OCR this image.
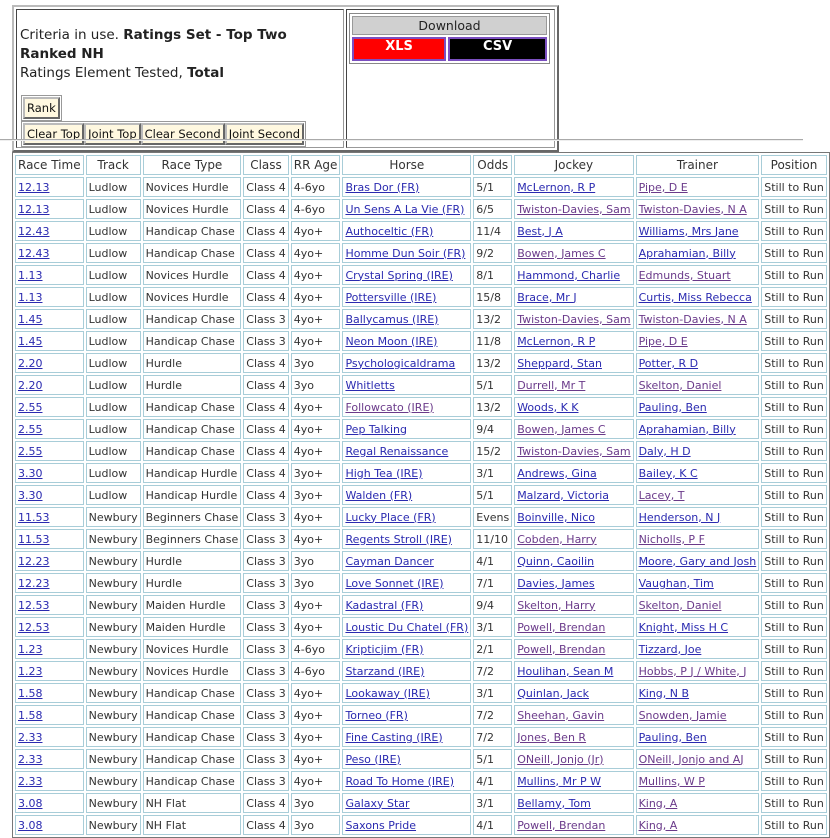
Criteria in use. Ratings Set - Top Two Ranked NH
Ratings Element Tested, Total
Rank
Clear Top Joint Top Clear Second Joint Second	
Download
XLS	CSV
Race Time	Track	Race Type	Class	RR Age	Horse	Odds	Jockey	Trainer	Position
12.13	Ludlow	Novices Hurdle	Class 4	4-6yo	Bras Dor (FR)	5/1	McLernon, R P	Pipe, D E	Still to Run
12.13	Ludlow	Novices Hurdle	Class 4	4-6yo	Un Sens A La Vie (FR)	6/5	Twiston-Davies, Sam	Twiston-Davies, N A	Still to Run
12.43	Ludlow	Handicap Chase	Class 4	4yo+	Authoceltic (FR)	11/4	Best, J A	Williams, Mrs Jane	Still to Run
12.43	Ludlow	Handicap Chase	Class 4	4yo+	Homme Dun Soir (FR)	9/2	Bowen, James C	Aprahamian, Billy	Still to Run
1.13	Ludlow	Novices Hurdle	Class 4	4yo+	Crystal Spring (IRE)	8/1	Hammond, Charlie	Edmunds, Stuart	Still to Run
1.13	Ludlow	Novices Hurdle	Class 4	4yo+	Pottersville (IRE)	15/8	Brace, Mr J	Curtis, Miss Rebecca	Still to Run
1.45	Ludlow	Handicap Chase	Class 3	4yo+	Ballycamus (IRE)	13/2	Twiston-Davies, Sam	Twiston-Davies, N A	Still to Run
1.45	Ludlow	Handicap Chase	Class 3	4yo+	Neon Moon (IRE)	11/8	McLernon, R P	Pipe, D E	Still to Run
2.20	Ludlow	Hurdle	Class 4	3yo	Psychologicaldrama	13/2	Sheppard, Stan	Potter, R D	Still to Run
2.20	Ludlow	Hurdle	Class 4	3yo	Whitletts	5/1	Durrell, Mr T	Skelton, Daniel	Still to Run
2.55	Ludlow	Handicap Chase	Class 4	4yo+	Followcato (IRE)	13/2	Woods, K K	Pauling, Ben	Still to Run
2.55	Ludlow	Handicap Chase	Class 4	4yo+	Pep Talking	9/4	Bowen, James C	Aprahamian, Billy	Still to Run
2.55	Ludlow	Handicap Chase	Class 4	4yo+	Regal Renaissance	15/2	Twiston-Davies, Sam	Daly, H D	Still to Run
3.30	Ludlow	Handicap Hurdle	Class 4	3yo+	High Tea (IRE)	3/1	Andrews, Gina	Bailey, K C	Still to Run
3.30	Ludlow	Handicap Hurdle	Class 4	3yo+	Walden (FR)	5/1	Malzard, Victoria	Lacey, T	Still to Run
11.53	Newbury	Beginners Chase	Class 3	4yo+	Lucky Place (FR)	Evens	Boinville, Nico	Henderson, N J	Still to Run
11.53	Newbury	Beginners Chase	Class 3	4yo+	Regents Stroll (IRE)	11/10	Cobden, Harry	Nicholls, P F	Still to Run
12.23	Newbury	Hurdle	Class 3	3yo	Cayman Dancer	4/1	Quinn, Caoilin	Moore, Gary and Josh	Still to Run
12.23	Newbury	Hurdle	Class 3	3yo	Love Sonnet (IRE)	7/1	Davies, James	Vaughan, Tim	Still to Run
12.53	Newbury	Maiden Hurdle	Class 3	4yo+	Kadastral (FR)	9/4	Skelton, Harry	Skelton, Daniel	Still to Run
12.53	Newbury	Maiden Hurdle	Class 3	4yo+	Loustic Du Chatel (FR)	3/1	Powell, Brendan	Knight, Miss H C	Still to Run
1.23	Newbury	Novices Hurdle	Class 3	4-6yo	Kripticjim (FR)	2/1	Powell, Brendan	Tizzard, Joe	Still to Run
1.23	Newbury	Novices Hurdle	Class 3	4-6yo	Starzand (IRE)	7/2	Houlihan, Sean M	Hobbs, P J / White, J	Still to Run
1.58	Newbury	Handicap Chase	Class 3	4yo+	Lookaway (IRE)	3/1	Quinlan, Jack	King, N B	Still to Run
1.58	Newbury	Handicap Chase	Class 3	4yo+	Torneo (FR)	7/2	Sheehan, Gavin	Snowden, Jamie	Still to Run
2.33	Newbury	Handicap Chase	Class 3	4yo+	Fine Casting (IRE)	7/2	Jones, Ben R	Pauling, Ben	Still to Run
2.33	Newbury	Handicap Chase	Class 3	4yo+	Peso (IRE)	5/1	ONeill, Jonjo (Jr)	ONeill, Jonjo and AJ	Still to Run
2.33	Newbury	Handicap Chase	Class 3	4yo+	Road To Home (IRE)	4/1	Mullins, Mr P W	Mullins, W P	Still to Run
3.08	Newbury	NH Flat	Class 4	3yo	Galaxy Star	3/1	Bellamy, Tom	King, A	Still to Run
3.08	Newbury	NH Flat	Class 4	3yo	Saxons Pride	4/1	Powell, Brendan	King, A	Still to Run
